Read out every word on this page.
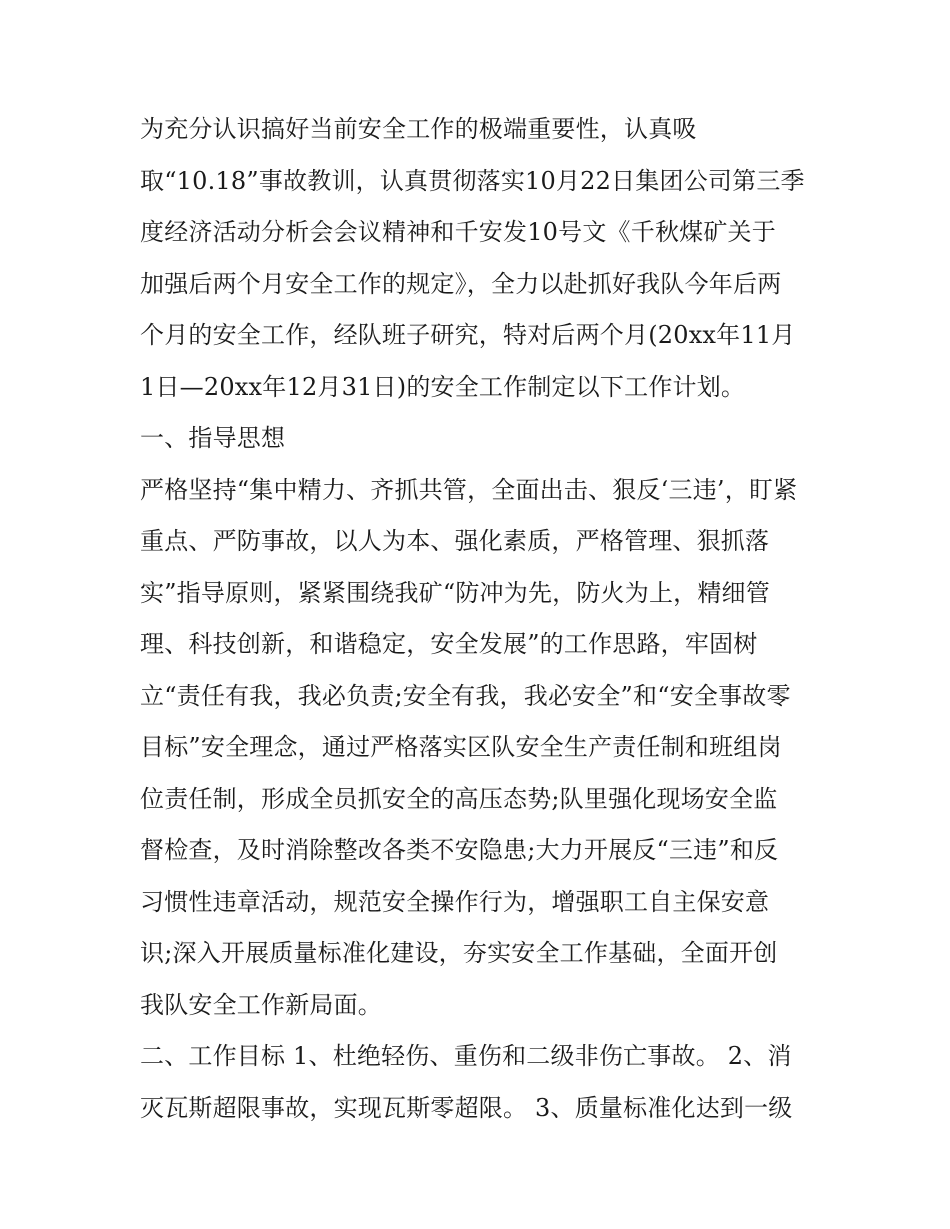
为充分认识搞好当前安全工作的极端重要性，认真吸
取“10.18”事故教训，认真贯彻落实10月22日集团公司第三季
度经济活动分析会会议精神和千安发10号文《千秋煤矿关于
加强后两个月安全工作的规定》，全力以赴抓好我队今年后两
个月的安全工作，经队班子研究，特对后两个月(20xx年11月
1日—20xx年12月31日)的安全工作制定以下工作计划。
一、指导思想
严格坚持“集中精力、齐抓共管，全面出击、狠反‘三违’，盯紧
重点、严防事故，以人为本、强化素质，严格管理、狠抓落
实”指导原则，紧紧围绕我矿“防冲为先，防火为上，精细管
理、科技创新，和谐稳定，安全发展”的工作思路，牢固树
立“责任有我，我必负责;安全有我，我必安全”和“安全事故零
目标”安全理念，通过严格落实区队安全生产责任制和班组岗
位责任制，形成全员抓安全的高压态势;队里强化现场安全监
督检查，及时消除整改各类不安隐患;大力开展反“三违”和反
习惯性违章活动，规范安全操作行为，增强职工自主保安意
识;深入开展质量标准化建设，夯实安全工作基础，全面开创
我队安全工作新局面。
二、工作目标 1、杜绝轻伤、重伤和二级非伤亡事故。 2、消
灭瓦斯超限事故，实现瓦斯零超限。 3、质量标准化达到一级
